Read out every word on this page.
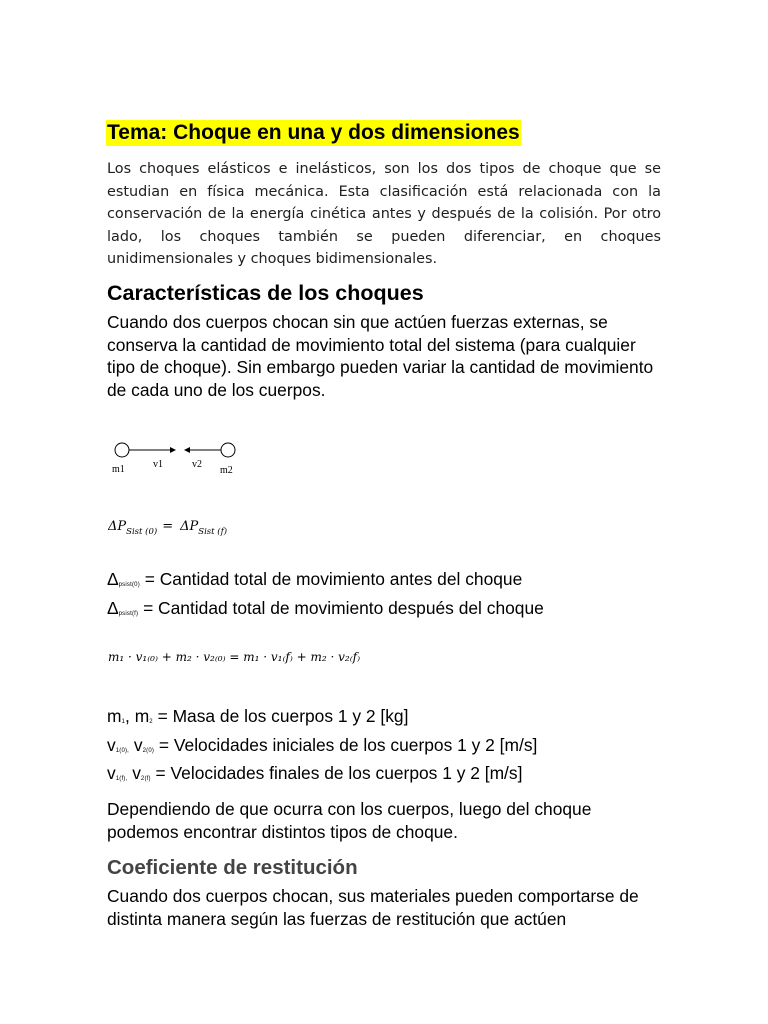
Tema: Choque en una y dos dimensiones

Los choques elásticos e inelásticos, son los dos tipos de choque que se estudian en física mecánica. Esta clasificación está relacionada con la conservación de la energía cinética antes y después de la colisión. Por otro lado, los choques también se pueden diferenciar, en choques unidimensionales y choques bidimensionales.

Características de los choques

Cuando dos cuerpos chocan sin que actúen fuerzas externas, se conserva la cantidad de movimiento total del sistema (para cualquier tipo de choque). Sin embargo pueden variar la cantidad de movimiento de cada uno de los cuerpos.

m1	v1	v2
m2
$\Delta P_{Sist (0)} = \Delta P_{Sist (f)}$
Δpsist(0) = Cantidad total de movimiento antes del choque
Δpsist(f) = Cantidad total de movimiento después del choque
m₁ · v₁₍₀₎ + m₂ · v₂₍₀₎ = m₁ · v₁₍f₎ + m₂ · v₂₍f₎
m1, m2 = Masa de los cuerpos 1 y 2 [kg]
v1(0), v2(0) = Velocidades iniciales de los cuerpos 1 y 2 [m/s]
v1(f), v2(f) = Velocidades finales de los cuerpos 1 y 2 [m/s]

Dependiendo de que ocurra con los cuerpos, luego del choque podemos encontrar distintos tipos de choque.

Coeficiente de restitución

Cuando dos cuerpos chocan, sus materiales pueden comportarse de distinta manera según las fuerzas de restitución que actúen
